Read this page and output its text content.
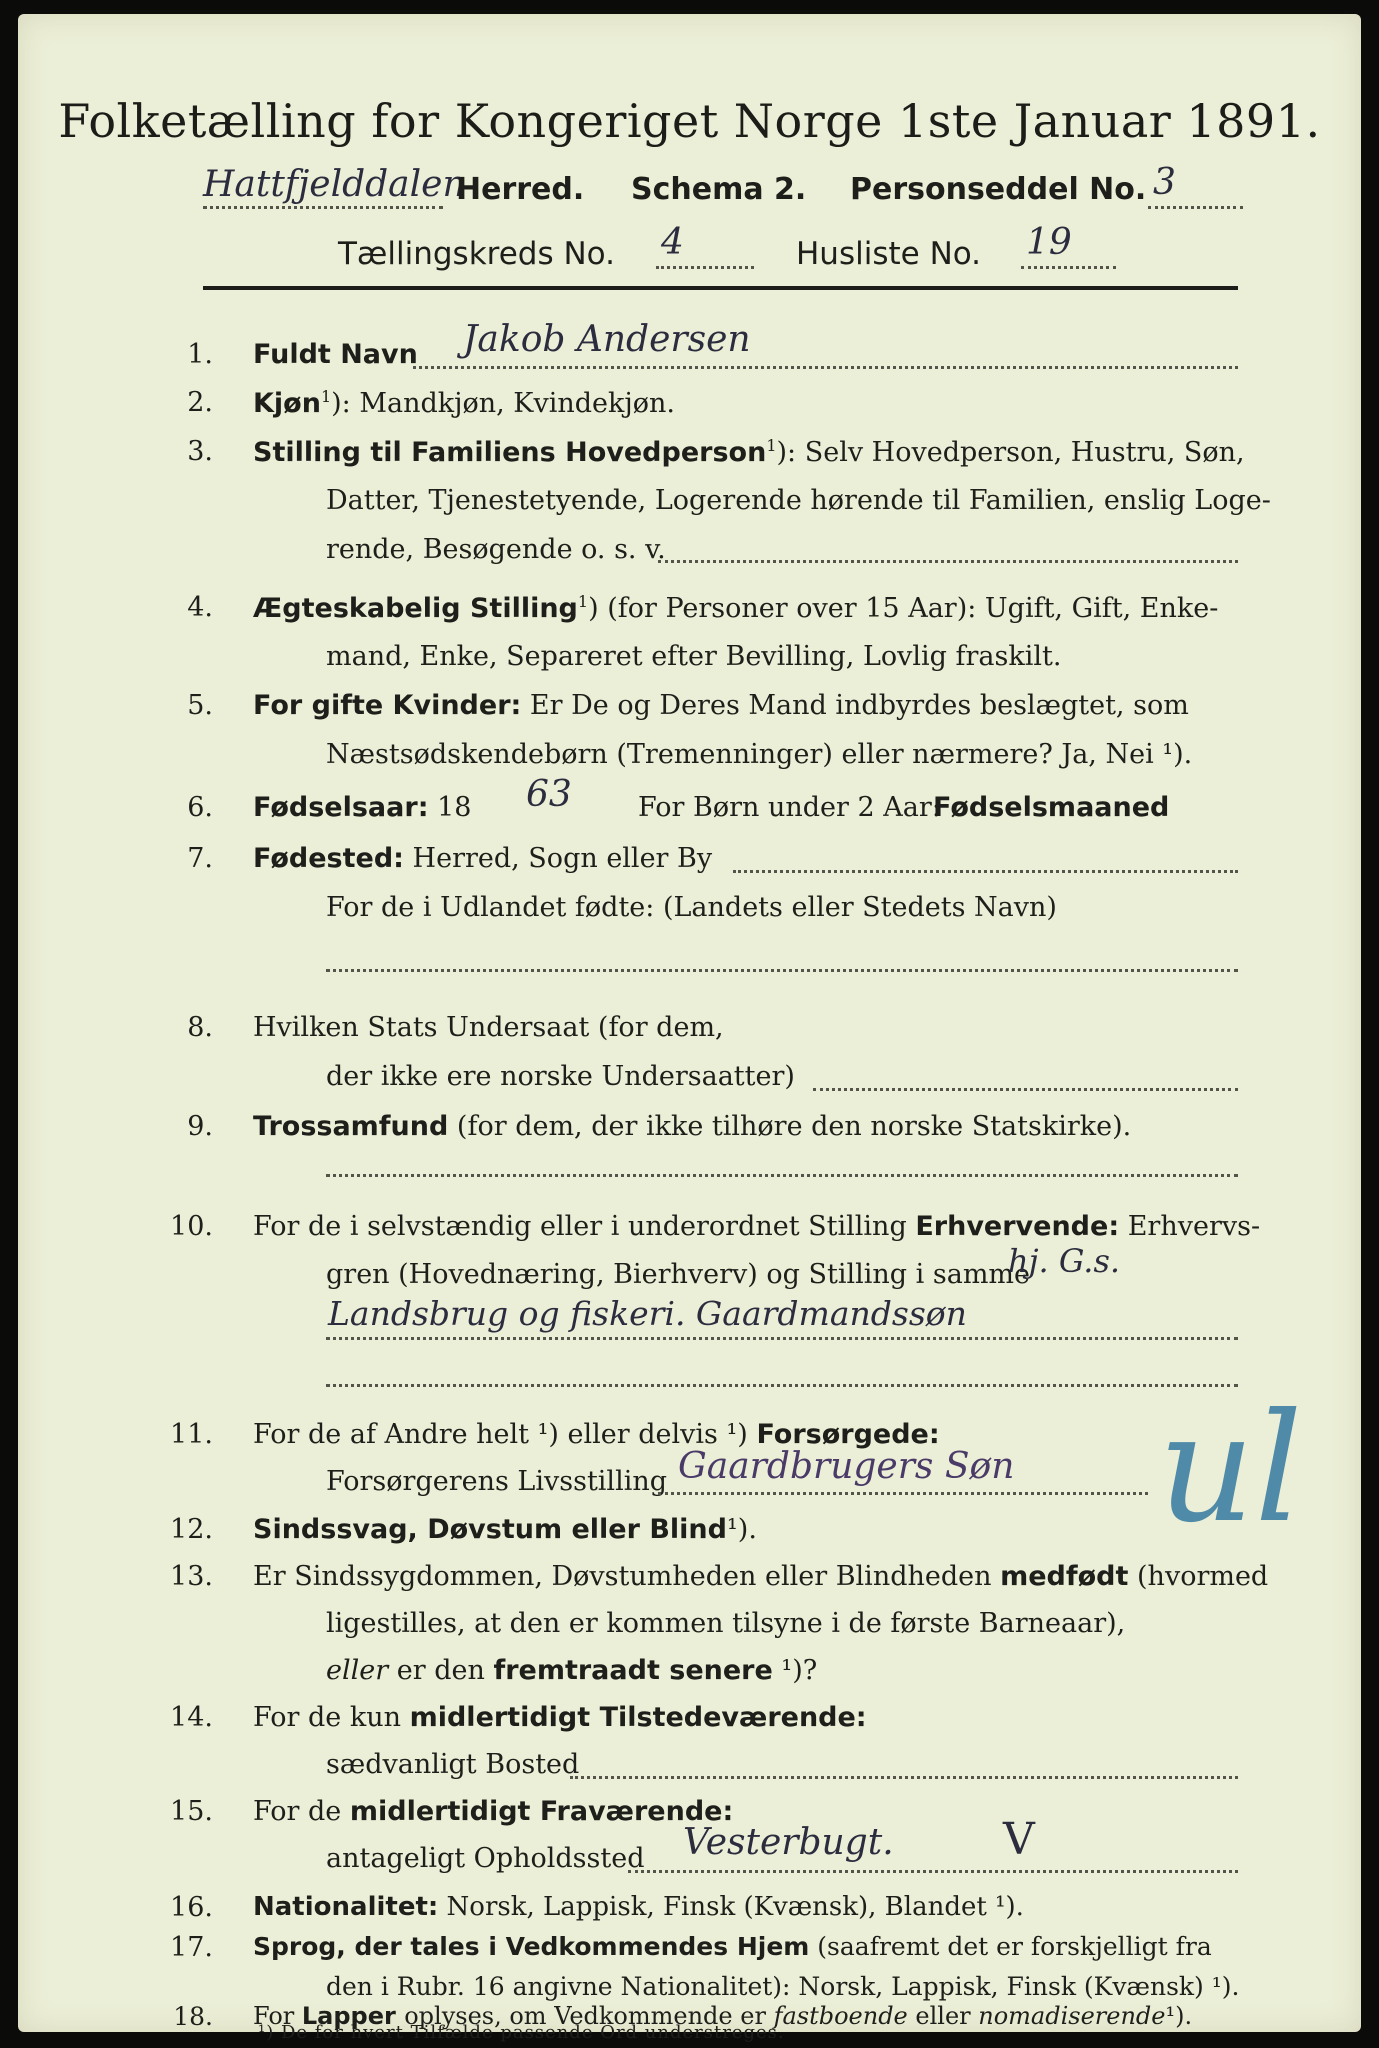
Folketælling for Kongeriget Norge 1ste Januar 1891.
Hattfjelddalen
Herred. Schema 2. Personseddel No. 3
Tællingskreds No. 4	Husliste No. 19
1. Fuldt Navn Jakob Andersen
2. Kjøn$^1$): Mandkjøn, Kvindekjøn.
3. Stilling til Familiens Hovedperson$^1$): Selv Hovedperson, Hustru, Søn,
Datter, Tjenestetyende, Logerende hørende til Familien, enslig Loge-
rende, Besøgende o. s. v.
4. Ægteskabelig Stilling$^1$) (for Personer over 15 Aar): Ugift, Gift, Enke-
mand, Enke, Separeret efter Bevilling, Lovlig fraskilt.
5. For gifte Kvinder: Er De og Deres Mand indbyrdes beslægtet, som
Næstsødskendebørn (Tremenninger) eller nærmere? Ja, Nei ¹).
6. Fødselsaar: 18 63 For Børn under 2 Aar:
Fødselsmaaned
7. Fødested: Herred, Sogn eller By
For de i Udlandet fødte: (Landets eller Stedets Navn)
8. Hvilken Stats Undersaat (for dem,
der ikke ere norske Undersaatter)
9. Trossamfund (for dem, der ikke tilhøre den norske Statskirke).
10. For de i selvstændig eller i underordnet Stilling Erhvervende: Erhvervs-
gren (Hovednæring, Bierhverv) og Stilling i samme
hj. G.s.
Landsbrug og fiskeri. Gaardmandssøn
11. For de af Andre helt ¹) eller delvis ¹) Forsørgede:
Forsørgerens Livsstilling Gaardbrugers Søn
12. Sindssvag, Døvstum eller Blind¹).
13. Er Sindssygdommen, Døvstumheden eller Blindheden medfødt (hvormed
ligestilles, at den er kommen tilsyne i de første Barneaar),
eller er den fremtraadt senere ¹)?
14. For de kun midlertidigt Tilstedeværende:
sædvanligt Bosted
15. For de midlertidigt Fraværende:
antageligt Opholdssted Vesterbugt. V
16. Nationalitet: Norsk, Lappisk, Finsk (Kvænsk), Blandet ¹).
17. Sprog, der tales i Vedkommendes Hjem (saafremt det er forskjelligt fra
ul
den i Rubr. 16 angivne Nationalitet): Norsk, Lappisk, Finsk (Kvænsk) ¹).
18. For Lapper oplyses, om Vedkommende er fastboende eller nomadiserende¹).
¹) De for hvert Tilfælde passende Ord understreges.
